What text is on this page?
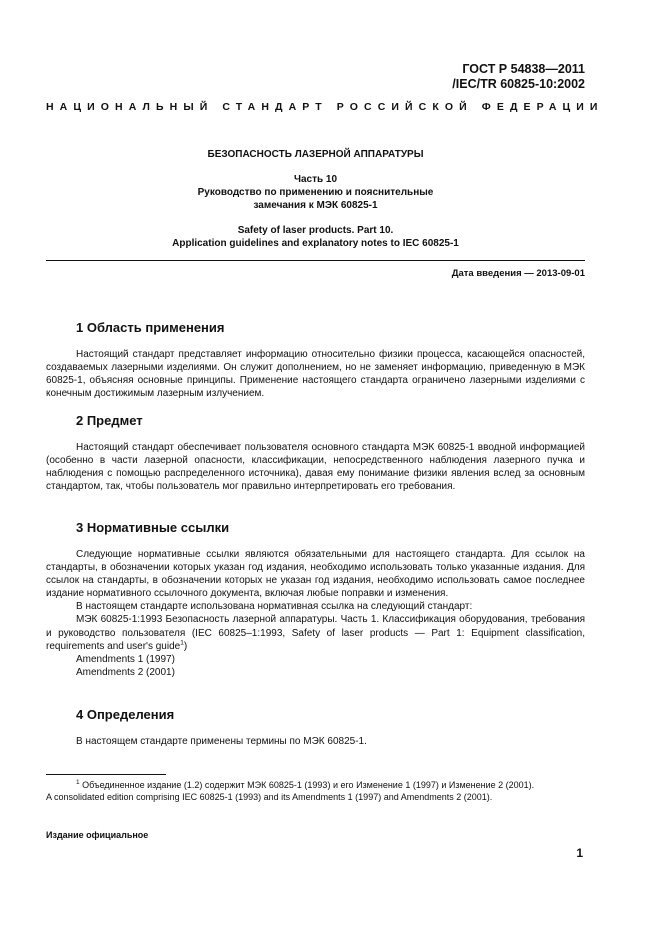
ГОСТ Р 54838—2011
/IEC/TR 60825-10:2002
НАЦИОНАЛЬНЫЙ СТАНДАРТ РОССИЙСКОЙ ФЕДЕРАЦИИ
БЕЗОПАСНОСТЬ ЛАЗЕРНОЙ АППАРАТУРЫ
Часть 10
Руководство по применению и пояснительные
замечания к МЭК 60825-1
Safety of laser products. Part 10.
Application guidelines and explanatory notes to IEC 60825-1
Дата введения — 2013-09-01
1 Область применения

Настоящий стандарт представляет информацию относительно физики процесса, касающейся опасностей, создаваемых лазерными изделиями. Он служит дополнением, но не заменяет информацию, приведенную в МЭК 60825-1, объясняя основные принципы. Применение настоящего стандарта ограничено лазерными изделиями с конечным достижимым лазерным излучением.

2 Предмет

Настоящий стандарт обеспечивает пользователя основного стандарта МЭК 60825-1 вводной информацией (особенно в части лазерной опасности, классификации, непосредственного наблюдения лазерного пучка и наблюдения с помощью распределенного источника), давая ему понимание физики явления вслед за основным стандартом, так, чтобы пользователь мог правильно интерпретировать его требования.

3 Нормативные ссылки

Следующие нормативные ссылки являются обязательными для настоящего стандарта. Для ссылок на стандарты, в обозначении которых указан год издания, необходимо использовать только указанные издания. Для ссылок на стандарты, в обозначении которых не указан год издания, необходимо использовать самое последнее издание нормативного ссылочного документа, включая любые поправки и изменения.

В настоящем стандарте использована нормативная ссылка на следующий стандарт:

МЭК 60825-1:1993 Безопасность лазерной аппаратуры. Часть 1. Классификация оборудования, требования и руководство пользователя (IEC 60825–1:1993, Safety of laser products — Part 1: Equipment classification, requirements and user's guide$^1$)

Amendments 1 (1997)

Amendments 2 (2001)

4 Определения

В настоящем стандарте применены термины по МЭК 60825-1.

$^1$ Объединенное издание (1.2) содержит МЭК 60825-1 (1993) и его Изменение 1 (1997) и Изменение 2 (2001).

A consolidated edition comprising IEC 60825-1 (1993) and its Amendments 1 (1997) and Amendments 2 (2001).

Издание официальное
1
